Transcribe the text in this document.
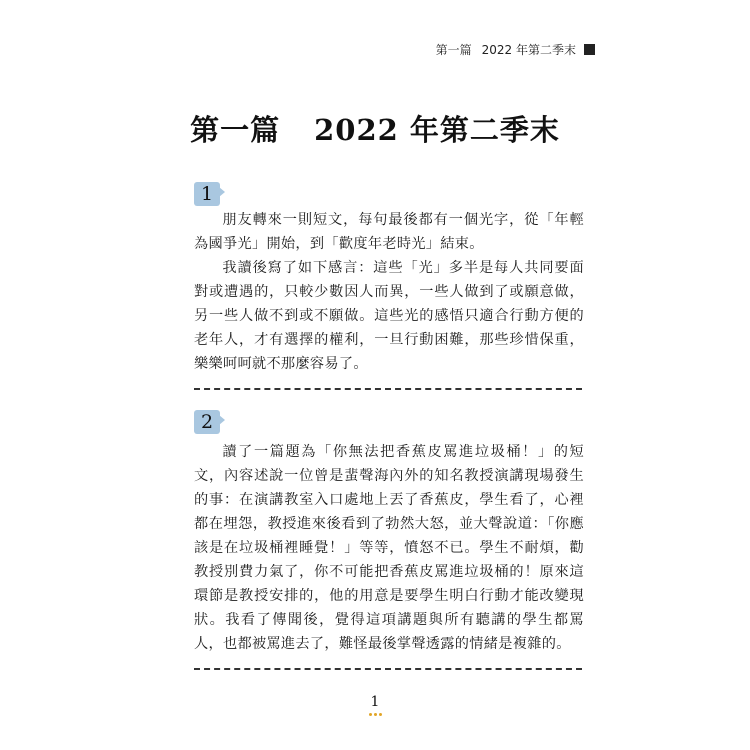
第一篇 2022 年第二季末
第一篇 2022 年第二季末
1

朋友轉來一則短文，每句最後都有一個光字，從「年輕為國爭光」開始，到「歡度年老時光」結束。

我讀後寫了如下感言：這些「光」多半是每人共同要面對或遭遇的，只較少數因人而異，一些人做到了或願意做，另一些人做不到或不願做。這些光的感悟只適合行動方便的老年人，才有選擇的權利，一旦行動困難，那些珍惜保重，樂樂呵呵就不那麼容易了。

2

讀了一篇題為「你無法把香蕉皮罵進垃圾桶！」的短文，內容述說一位曾是蜚聲海內外的知名教授演講現場發生的事：在演講教室入口處地上丟了香蕉皮，學生看了，心裡都在埋怨，教授進來後看到了勃然大怒，並大聲說道：「你應該是在垃圾桶裡睡覺！」等等，憤怒不已。學生不耐煩，勸教授別費力氣了，你不可能把香蕉皮罵進垃圾桶的！原來這環節是教授安排的，他的用意是要學生明白行動才能改變現狀。我看了傳聞後，覺得這項講題與所有聽講的學生都罵人，也都被罵進去了，難怪最後掌聲透露的情緒是複雜的。

1
